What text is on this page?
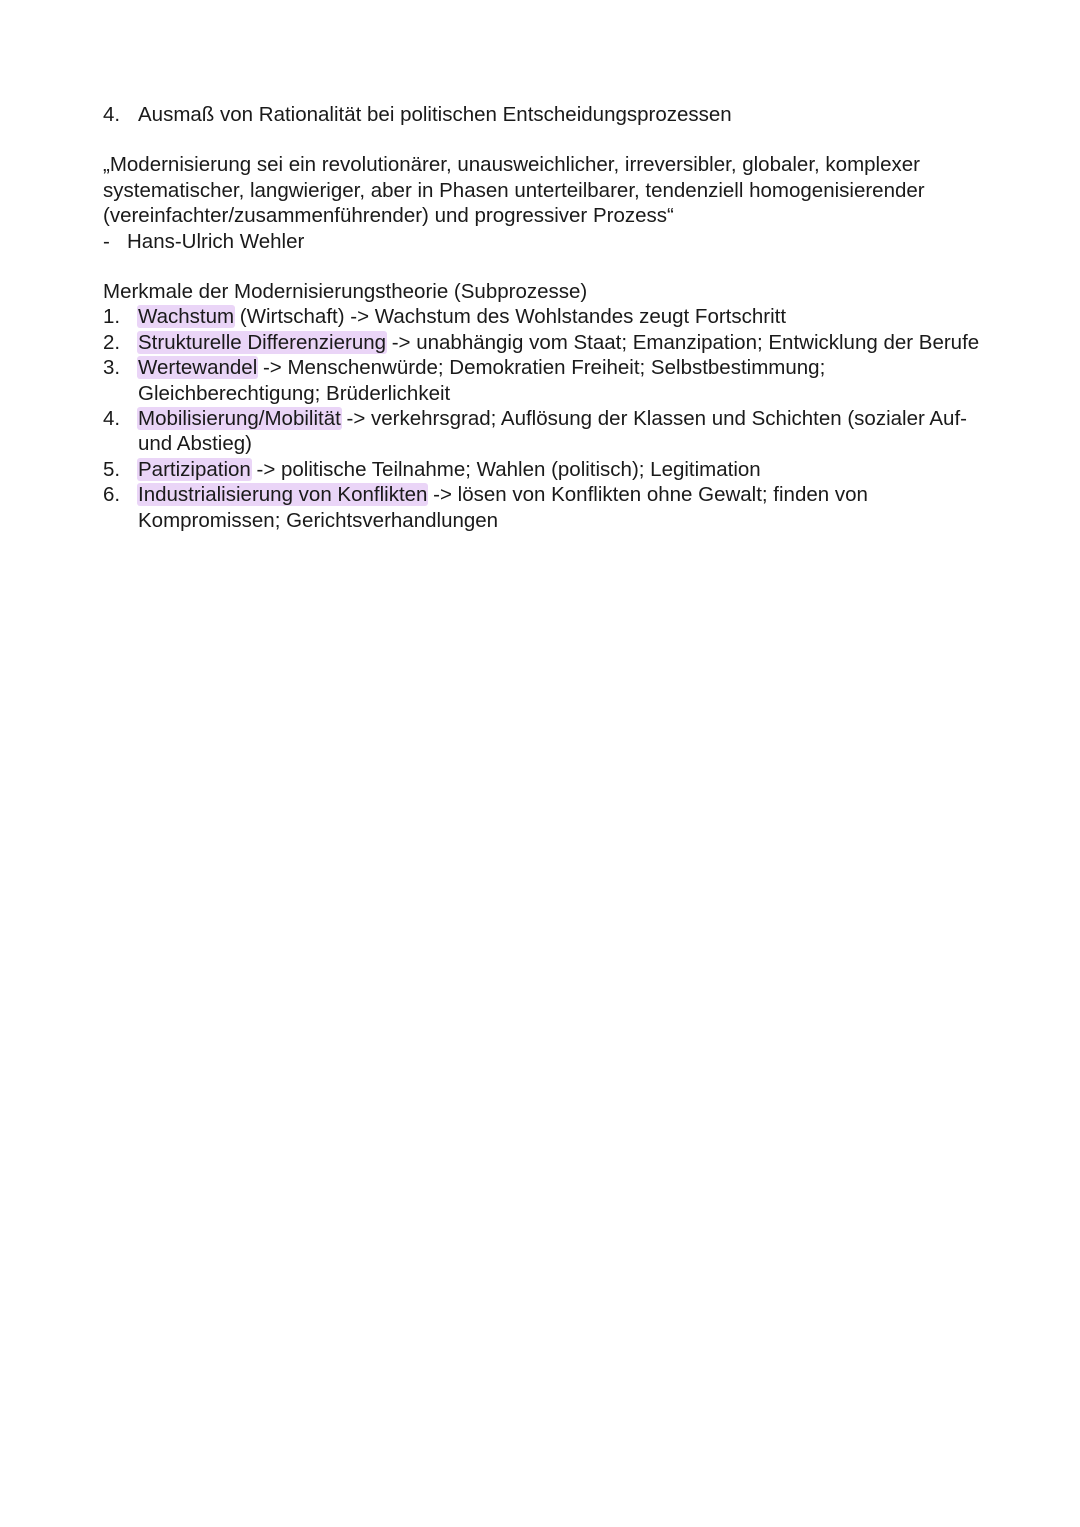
4. Ausmaß von Rationalität bei politischen Entscheidungsprozessen
„Modernisierung sei ein revolutionärer, unausweichlicher, irreversibler, globaler, komplexer
systematischer, langwieriger, aber in Phasen unterteilbarer, tendenziell homogenisierender
(vereinfachter/zusammenführender) und progressiver Prozess“
- Hans-Ulrich Wehler
Merkmale der Modernisierungstheorie (Subprozesse)
1. Wachstum (Wirtschaft) -> Wachstum des Wohlstandes zeugt Fortschritt
2. Strukturelle Differenzierung -> unabhängig vom Staat; Emanzipation; Entwicklung der Berufe
3. Wertewandel -> Menschenwürde; Demokratien Freiheit; Selbstbestimmung; Gleichberechtigung; Brüderlichkeit
4. Mobilisierung/Mobilität -> verkehrsgrad; Auflösung der Klassen und Schichten (sozialer Auf- und Abstieg)
5. Partizipation -> politische Teilnahme; Wahlen (politisch); Legitimation
6. Industrialisierung von Konflikten -> lösen von Konflikten ohne Gewalt; finden von Kompromissen; Gerichtsverhandlungen
